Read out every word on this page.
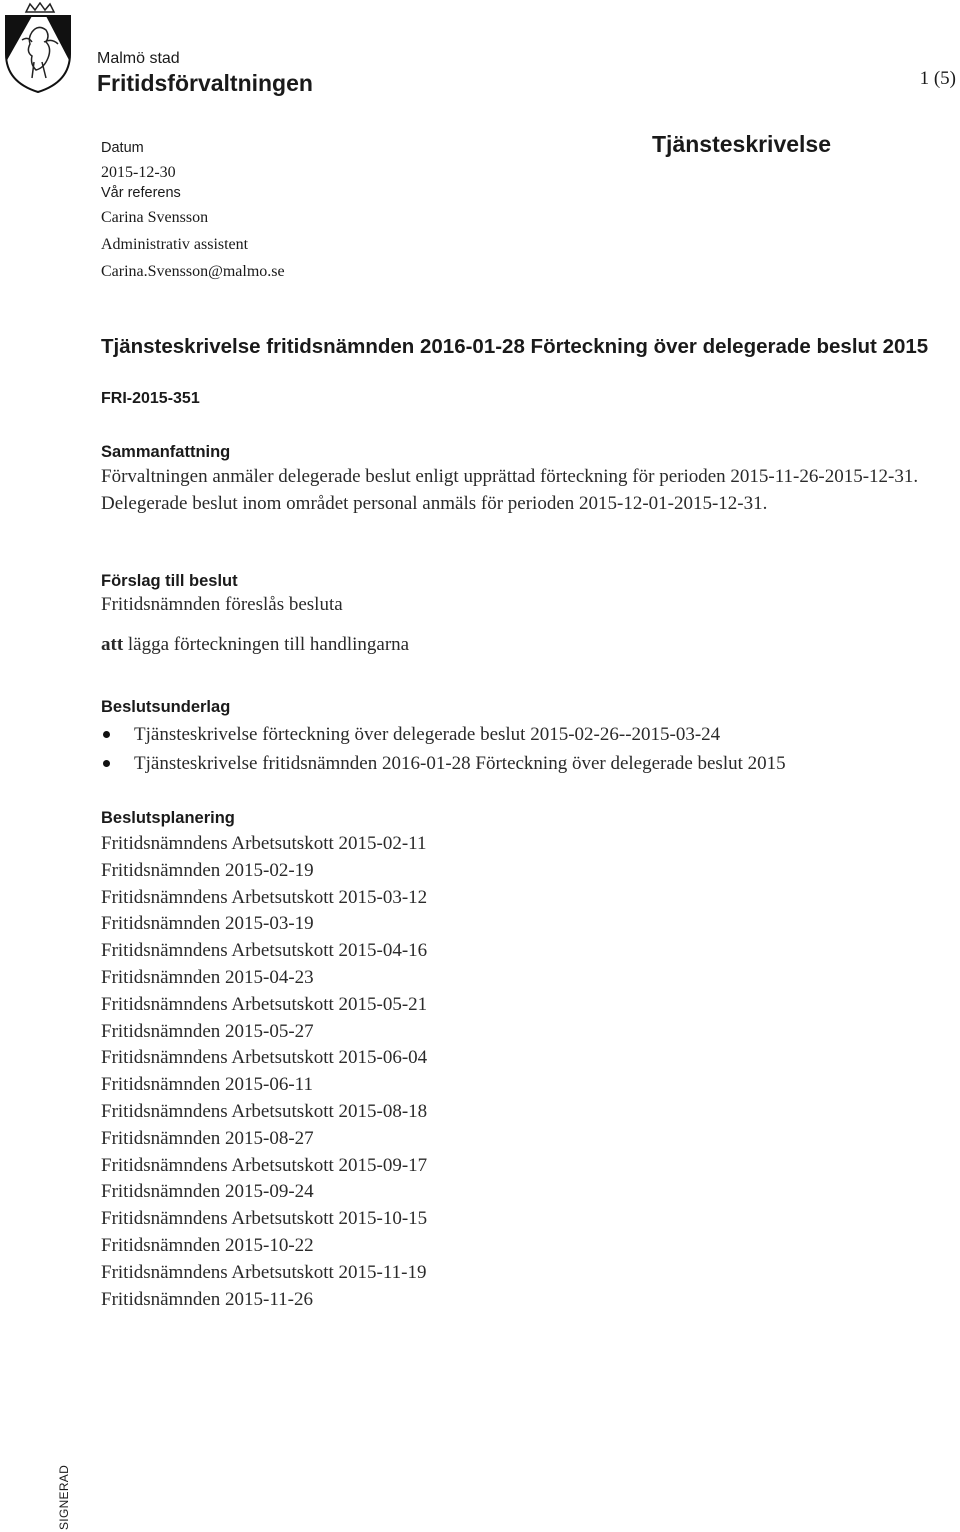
Malmö stad
Fritidsförvaltningen	1 (5)
Tjänsteskrivelse
Datum
2015-12-30
Vår referens
Carina Svensson
Administrativ assistent
Carina.Svensson@malmo.se
Tjänsteskrivelse fritidsnämnden 2016-01-28 Förteckning över delegerade beslut 2015
FRI-2015-351
Sammanfattning
Förvaltningen anmäler delegerade beslut enligt upprättad förteckning för perioden 2015-11-26-2015-12-31. Delegerade beslut inom området personal anmäls för perioden 2015-12-01-2015-12-31.
Förslag till beslut
Fritidsnämnden föreslås besluta
att lägga förteckningen till handlingarna
Beslutsunderlag
Tjänsteskrivelse förteckning över delegerade beslut 2015-02-26--2015-03-24
Tjänsteskrivelse fritidsnämnden 2016-01-28 Förteckning över delegerade beslut 2015
Beslutsplanering
Fritidsnämndens Arbetsutskott 2015-02-11
Fritidsnämnden 2015-02-19
Fritidsnämndens Arbetsutskott 2015-03-12
Fritidsnämnden 2015-03-19
Fritidsnämndens Arbetsutskott 2015-04-16
Fritidsnämnden 2015-04-23
Fritidsnämndens Arbetsutskott 2015-05-21
Fritidsnämnden 2015-05-27
Fritidsnämndens Arbetsutskott 2015-06-04
Fritidsnämnden 2015-06-11
Fritidsnämndens Arbetsutskott 2015-08-18
Fritidsnämnden 2015-08-27
Fritidsnämndens Arbetsutskott 2015-09-17
Fritidsnämnden 2015-09-24
Fritidsnämndens Arbetsutskott 2015-10-15
Fritidsnämnden 2015-10-22
Fritidsnämndens Arbetsutskott 2015-11-19
Fritidsnämnden 2015-11-26
SIGNERAD
